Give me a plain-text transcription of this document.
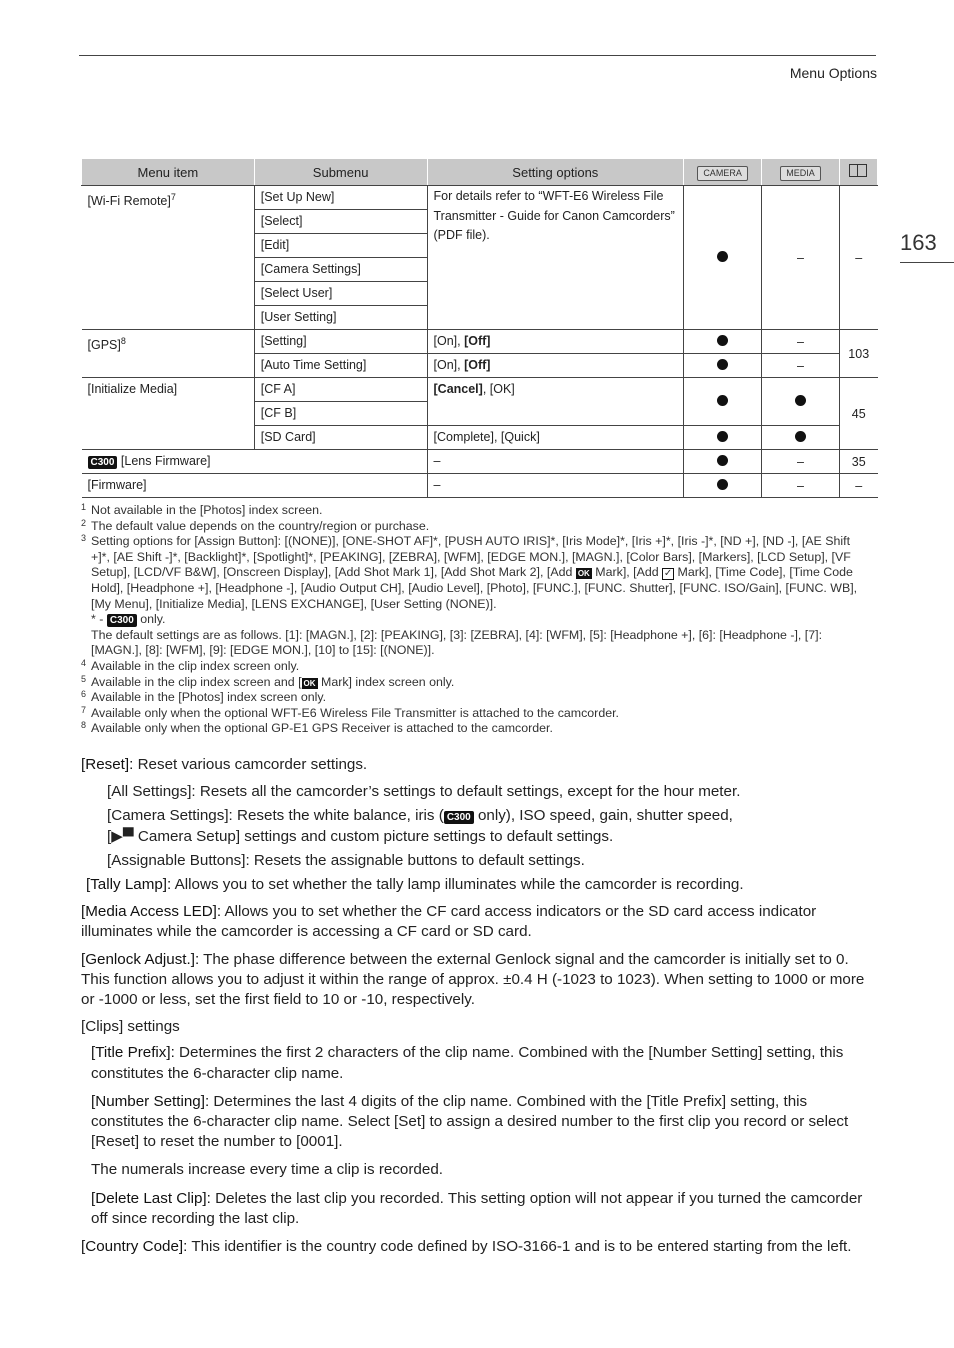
Menu Options
163
Menu item	Submenu	Setting options	CAMERA	MEDIA	
[Wi-Fi Remote]$^7$	[Set Up New]	For details refer to “WFT-E6 Wireless File Transmitter - Guide for Canon Camcorders” (PDF file).		–	–
	[Select]				
	[Edit]				
	[Camera Settings]				
	[Select User]				
	[User Setting]				
[GPS]$^8$	[Setting]	[On], [Off]		–	103
	[Auto Time Setting]	[On], [Off]		–	
[Initialize Media]	[CF A]	[Cancel], [OK]			45
	[CF B]				
	[SD Card]	[Complete], [Quick]			
C300 [Lens Firmware]		–		–	35
[Firmware]		–		–	–
1 Not available in the [Photos] index screen.
2 The default value depends on the country/region or purchase.
3 Setting options for [Assign Button]: [(NONE)], [ONE-SHOT AF]*, [PUSH AUTO IRIS]*, [Iris Mode]*, [Iris +]*, [Iris -]*, [ND +], [ND -], [AE Shift +]*, [AE Shift -]*, [Backlight]*, [Spotlight]*, [PEAKING], [ZEBRA], [WFM], [EDGE MON.], [MAGN.], [Color Bars], [Markers], [LCD Setup], [VF Setup], [LCD/VF B&W], [Onscreen Display], [Add Shot Mark 1], [Add Shot Mark 2], [Add OK Mark], [Add ✓ Mark], [Time Code], [Time Code Hold], [Headphone +], [Headphone -], [Audio Output CH], [Audio Level], [Photo], [FUNC.], [FUNC. Shutter], [FUNC. ISO/Gain], [FUNC. WB], [My Menu], [Initialize Media], [LENS EXCHANGE], [User Setting (NONE)].
* - C300 only.
The default settings are as follows. [1]: [MAGN.], [2]: [PEAKING], [3]: [ZEBRA], [4]: [WFM], [5]: [Headphone +], [6]: [Headphone -], [7]: [MAGN.], [8]: [WFM], [9]: [EDGE MON.], [10] to [15]: [(NONE)].
4 Available in the clip index screen only.
5 Available in the clip index screen and [ OK Mark] index screen only.
6 Available in the [Photos] index screen only.
7 Available only when the optional WFT-E6 Wireless File Transmitter is attached to the camcorder.
8 Available only when the optional GP-E1 GPS Receiver is attached to the camcorder.

[Reset]: Reset various camcorder settings.

[All Settings]: Resets all the camcorder’s settings to default settings, except for the hour meter.

[Camera Settings]: Resets the white balance, iris ( C300 only), ISO speed, gain, shutter speed,
[▶▀ Camera Setup] settings and custom picture settings to default settings.

[Assignable Buttons]: Resets the assignable buttons to default settings.

[Tally Lamp]: Allows you to set whether the tally lamp illuminates while the camcorder is recording.

[Media Access LED]: Allows you to set whether the CF card access indicators or the SD card access indicator illuminates while the camcorder is accessing a CF card or SD card.

[Genlock Adjust.]: The phase difference between the external Genlock signal and the camcorder is initially set to 0. This function allows you to adjust it within the range of approx. ±0.4 H (-1023 to 1023). When setting to 1000 or more or -1000 or less, set the first field to 10 or -10, respectively.

[Clips] settings

[Title Prefix]: Determines the first 2 characters of the clip name. Combined with the [Number Setting] setting, this constitutes the 6-character clip name.

[Number Setting]: Determines the last 4 digits of the clip name. Combined with the [Title Prefix] setting, this constitutes the 6-character clip name. Select [Set] to assign a desired number to the first clip you record or select [Reset] to reset the number to [0001].

The numerals increase every time a clip is recorded.

[Delete Last Clip]: Deletes the last clip you recorded. This setting option will not appear if you turned the camcorder off since recording the last clip.

[Country Code]: This identifier is the country code defined by ISO-3166-1 and is to be entered starting from the left.
